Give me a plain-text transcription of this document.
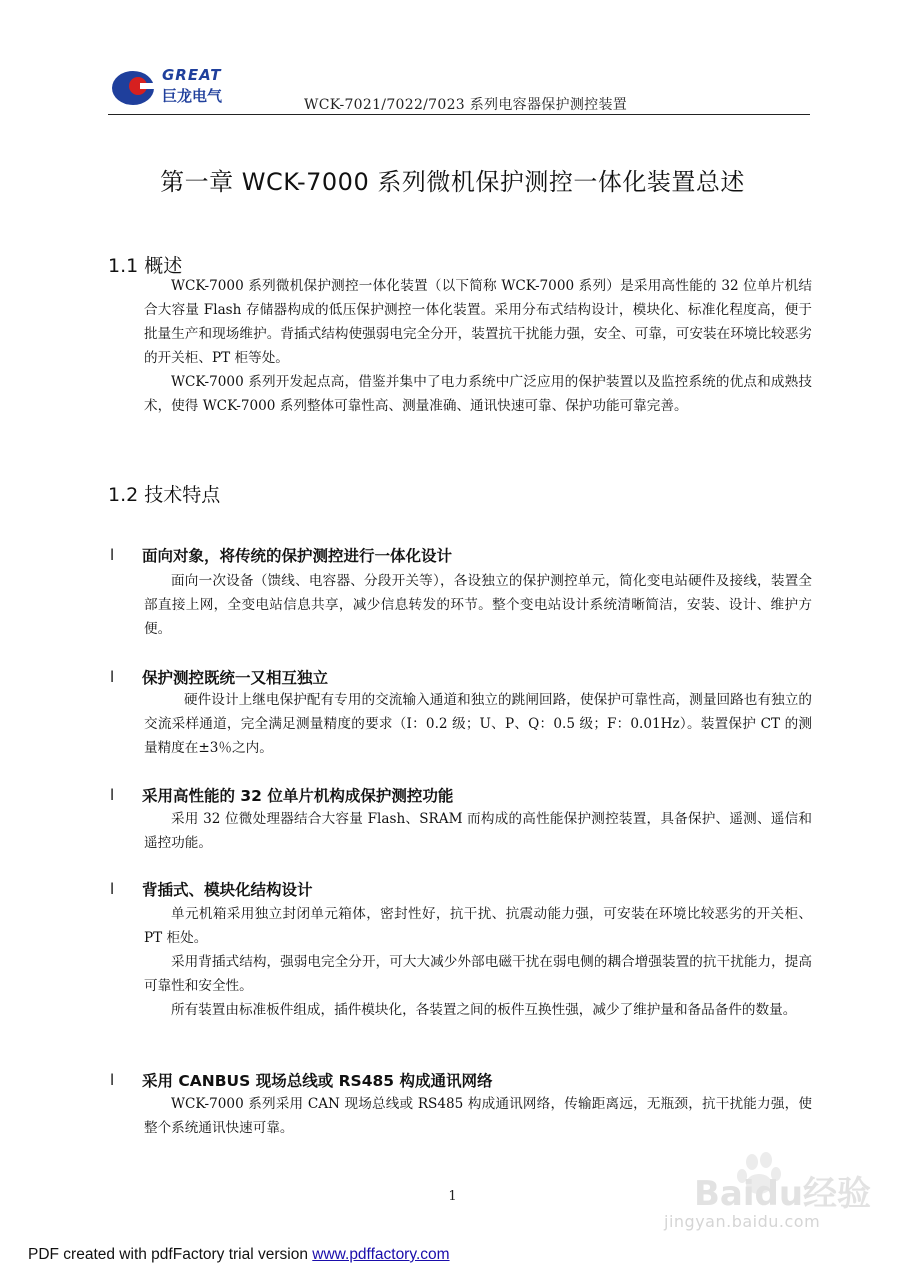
GREAT
巨龙电气	WCK-7021/7022/7023 系列电容器保护测控装置
第一章 WCK-7000 系列微机保护测控一体化装置总述
1.1 概述

WCK-7000 系列微机保护测控一体化装置（以下简称 WCK-7000 系列）是采用高性能的 32 位单片机结合大容量 Flash 存储器构成的低压保护测控一体化装置。采用分布式结构设计，模块化、标准化程度高，便于批量生产和现场维护。背插式结构使强弱电完全分开，装置抗干扰能力强，安全、可靠，可安装在环境比较恶劣的开关柜、PT 柜等处。

WCK-7000 系列开发起点高，借鉴并集中了电力系统中广泛应用的保护装置以及监控系统的优点和成熟技术，使得 WCK-7000 系列整体可靠性高、测量准确、通讯快速可靠、保护功能可靠完善。

1.2 技术特点
l 面向对象，将传统的保护测控进行一体化设计

面向一次设备（馈线、电容器、分段开关等），各设独立的保护测控单元，简化变电站硬件及接线，装置全部直接上网，全变电站信息共享，减少信息转发的环节。整个变电站设计系统清晰简洁，安装、设计、维护方便。

l 保护测控既统一又相互独立

硬件设计上继电保护配有专用的交流输入通道和独立的跳闸回路，使保护可靠性高，测量回路也有独立的交流采样通道，完全满足测量精度的要求（I：0.2 级；U、P、Q：0.5 级；F：0.01Hz）。装置保护 CT 的测量精度在±3％之内。

l 采用高性能的 32 位单片机构成保护测控功能

采用 32 位微处理器结合大容量 Flash、SRAM 而构成的高性能保护测控装置，具备保护、遥测、遥信和遥控功能。

l 背插式、模块化结构设计

单元机箱采用独立封闭单元箱体，密封性好，抗干扰、抗震动能力强，可安装在环境比较恶劣的开关柜、PT 柜处。

采用背插式结构，强弱电完全分开，可大大减少外部电磁干扰在弱电侧的耦合增强装置的抗干扰能力，提高可靠性和安全性。

所有装置由标准板件组成，插件模块化，各装置之间的板件互换性强，减少了维护量和备品备件的数量。

l 采用 CANBUS 现场总线或 RS485 构成通讯网络

WCK-7000 系列采用 CAN 现场总线或 RS485 构成通讯网络，传输距离远，无瓶颈，抗干扰能力强，使整个系统通讯快速可靠。

1	Baidu经验
jingyan.baidu.com
PDF created with pdfFactory trial version www.pdffactory.com
